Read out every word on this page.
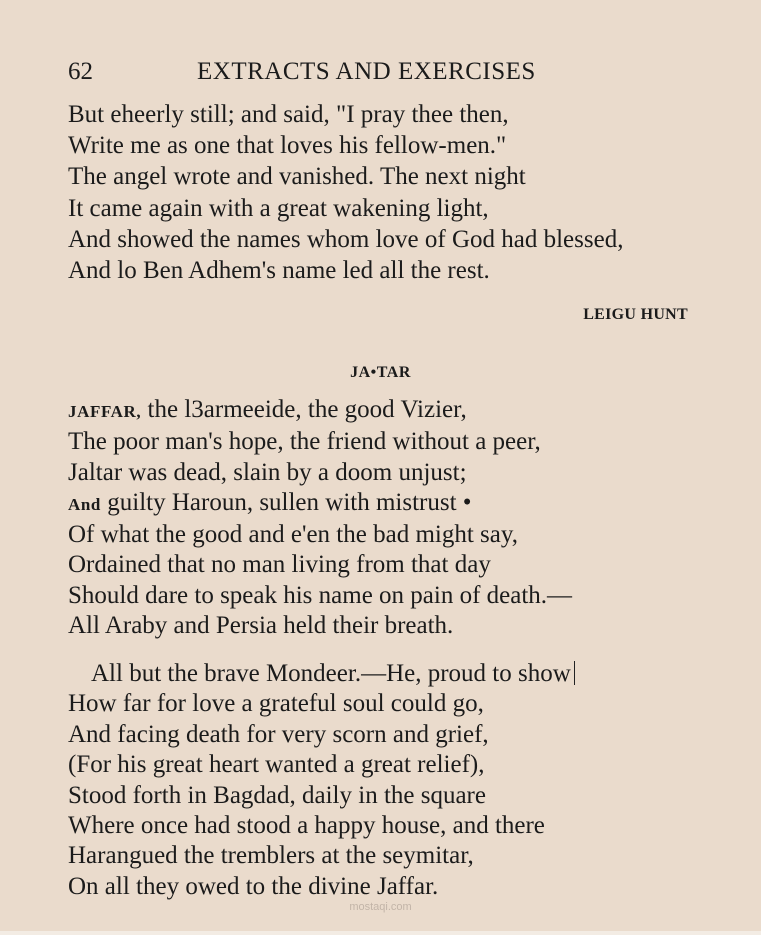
62	EXTRACTS AND EXERCISES
But eheerly still; and said, "I pray thee then,
Write me as one that loves his fellow-men."
The angel wrote and vanished. The next night
It came again with a great wakening light,
And showed the names whom love of God had blessed,
And lo Ben Adhem's name led all the rest.
LEIGU HUNT
JA•TAR
JAFFAR, the l3armeeide, the good Vizier,
The poor man's hope, the friend without a peer,
Jaltar was dead, slain by a doom unjust;
And guilty Haroun, sullen with mistrust •
Of what the good and e'en the bad might say,
Ordained that no man living from that day
Should dare to speak his name on pain of death.—
All Araby and Persia held their breath.
All but the brave Mondeer.—He, proud to show
How far for love a grateful soul could go,
And facing death for very scorn and grief,
(For his great heart wanted a great relief),
Stood forth in Bagdad, daily in the square
Where once had stood a happy house, and there
Harangued the tremblers at the seymitar,
On all they owed to the divine Jaffar.
mostaqi.com
